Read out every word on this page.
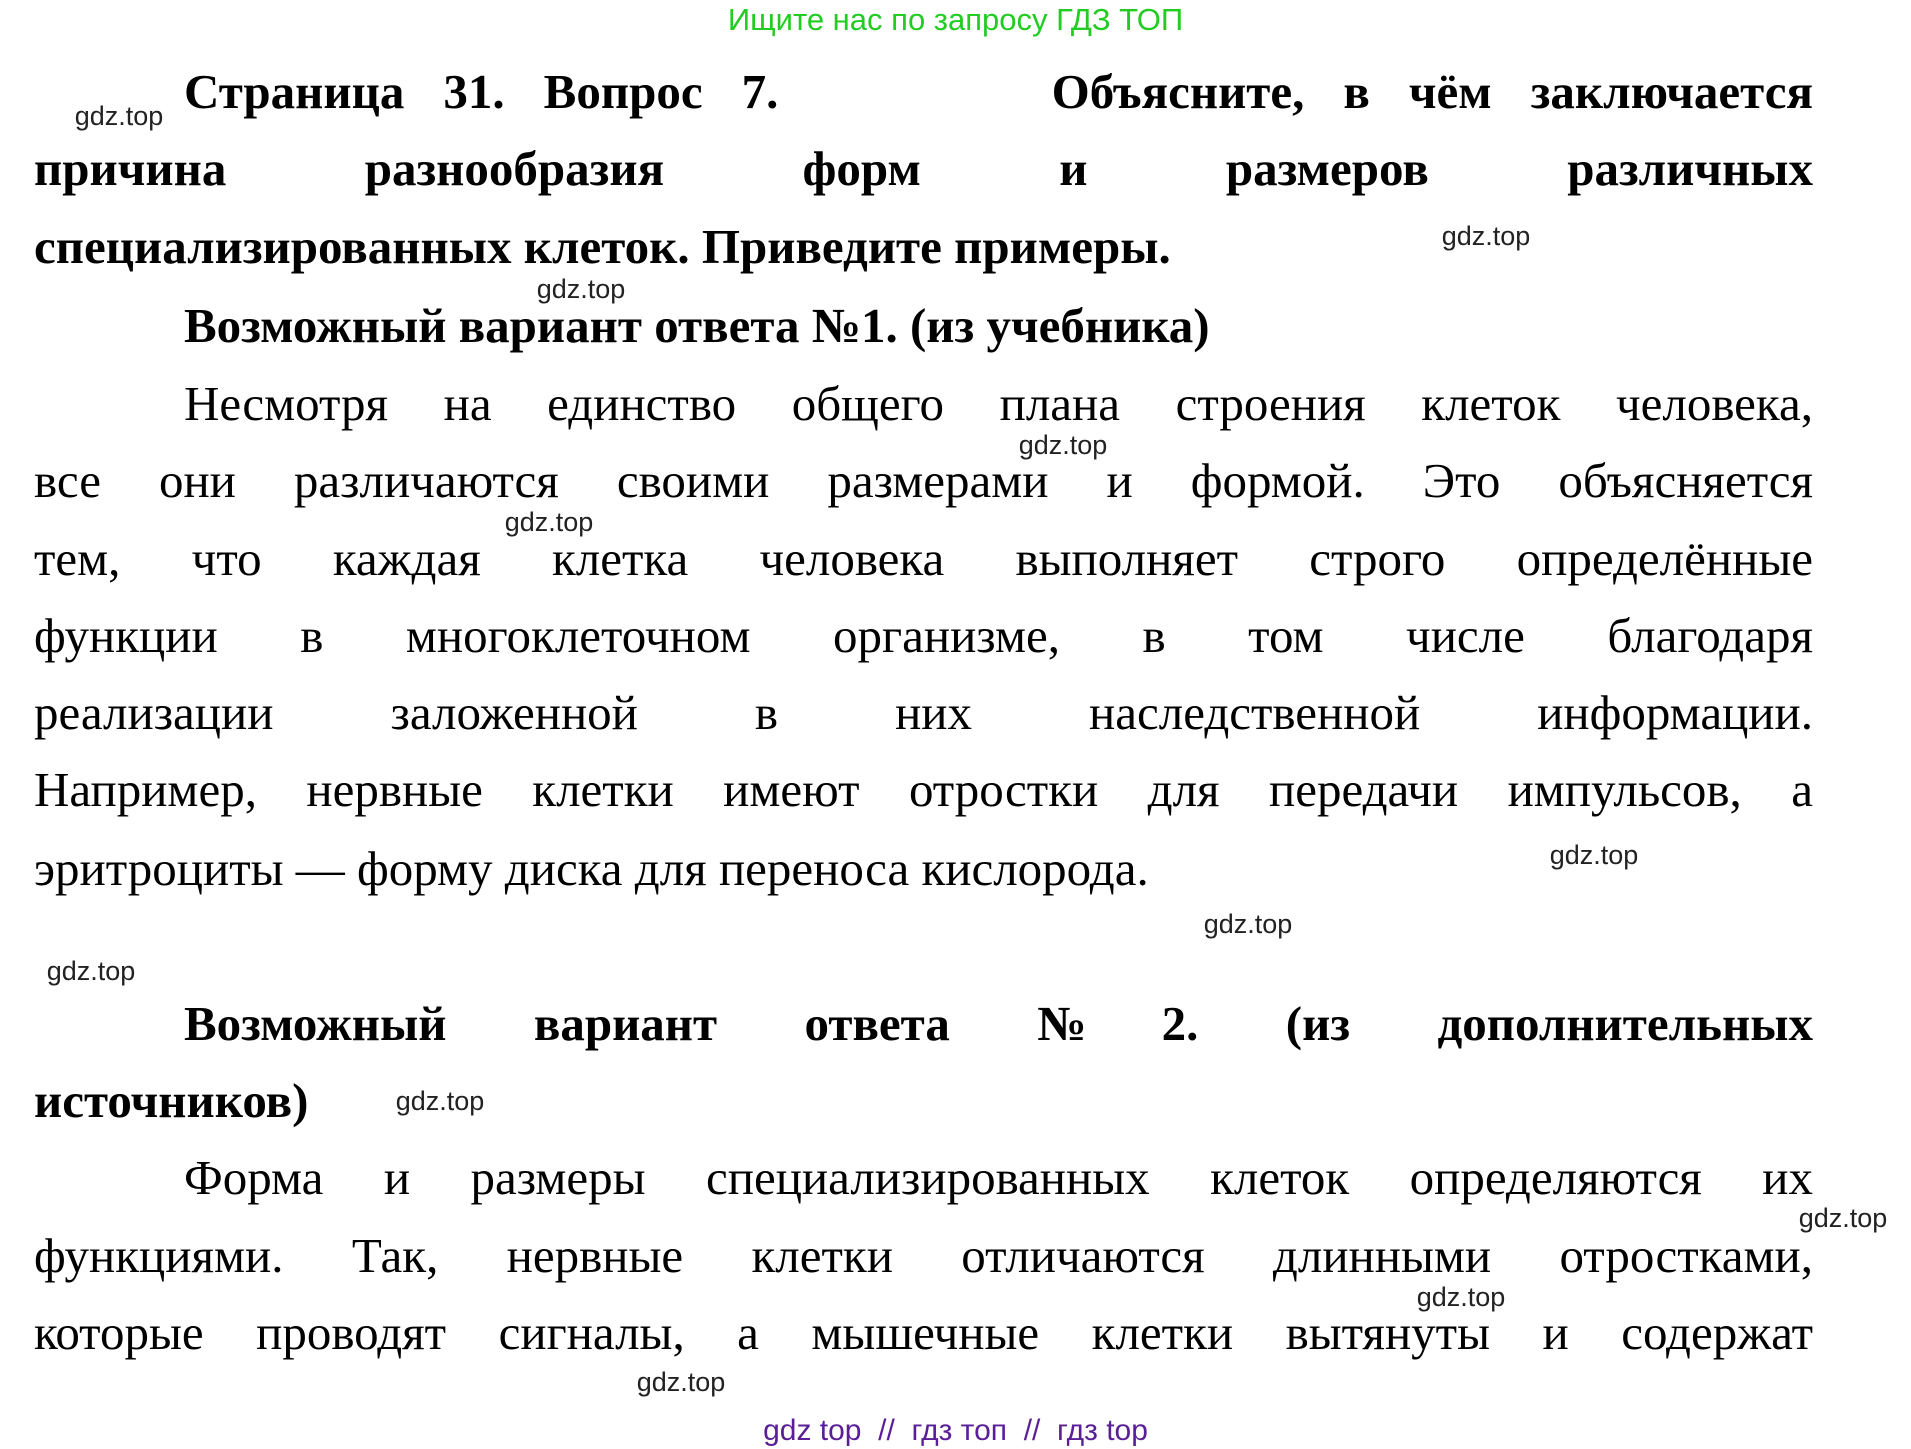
Ищите нас по запросу ГДЗ ТОП
Страница 31. Вопрос 7.       Объясните, в чём заключается
причина разнообразия форм и размеров различных
специализированных клеток. Приведите примеры.
Возможный вариант ответа №1. (из учебника)
Несмотря на единство общего плана строения клеток человека,
все они различаются своими размерами и формой. Это объясняется
тем, что каждая клетка человека выполняет строго определённые
функции в многоклеточном организме, в том числе благодаря
реализации заложенной в них наследственной информации.
Например, нервные клетки имеют отростки для передачи импульсов, а
эритроциты — форму диска для переноса кислорода.
Возможный вариант ответа №2. (из дополнительных
источников)
Форма и размеры специализированных клеток определяются их
функциями. Так, нервные клетки отличаются длинными отростками,
которые проводят сигналы, а мышечные клетки вытянуты и содержат
gdz.top
gdz.top
gdz.top
gdz.top
gdz.top
gdz.top
gdz.top
gdz.top
gdz.top
gdz.top
gdz.top
gdz.top
gdz top  //  гдз топ  //  гдз top
